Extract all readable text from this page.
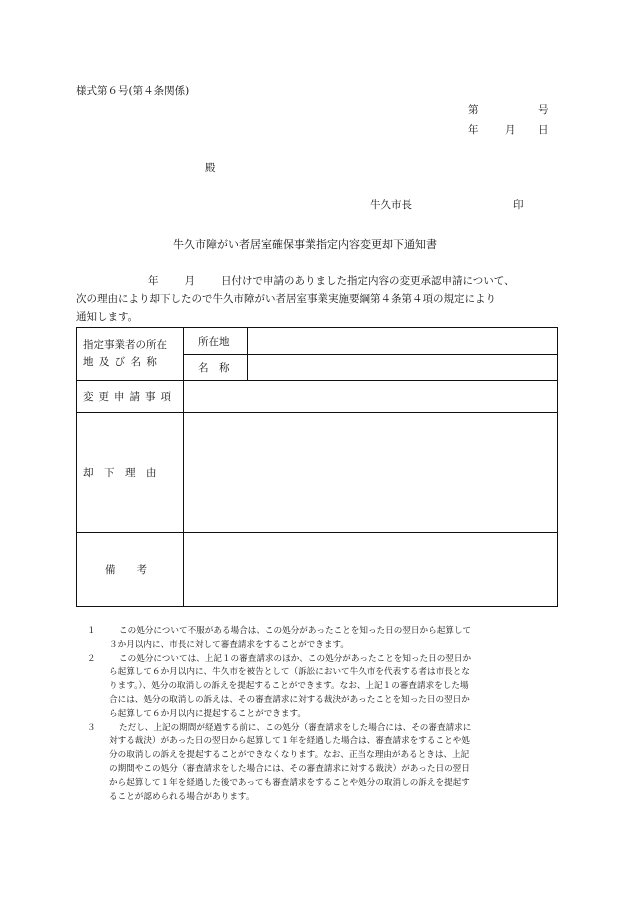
様式第６号(第４条関係)
第	号
年	月 日
殿
牛久市長	印
牛久市障がい者居室確保事業指定内容変更却下通知書
年 月 日付けで申請のありました指定内容の変更承認申請について、
次の理由により却下したので牛久市障がい者居室事業実施要綱第４条第４項の規定により
通知します。
指定事業者の所在
地 及 び 名 称	所在地	
	名　称	
変更申請事項		
却　下　理　由		
備　　考		
１	この処分について不服がある場合は、この処分があったことを知った日の翌日から起算して
３か月以内に、市長に対して審査請求をすることができます。
２	この処分については、上記１の審査請求のほか、この処分があったことを知った日の翌日か
ら起算して６か月以内に、牛久市を被告として（訴訟において牛久市を代表する者は市長とな
ります。）、処分の取消しの訴えを提起することができます。なお、上記１の審査請求をした場
合には、処分の取消しの訴えは、その審査請求に対する裁決があったことを知った日の翌日か
ら起算して６か月以内に提起することができます。
３	ただし、上記の期間が経過する前に、この処分（審査請求をした場合には、その審査請求に
対する裁決）があった日の翌日から起算して１年を経過した場合は、審査請求をすることや処
分の取消しの訴えを提起することができなくなります。なお、正当な理由があるときは、上記
の期間やこの処分（審査請求をした場合には、その審査請求に対する裁決）があった日の翌日
から起算して１年を経過した後であっても審査請求をすることや処分の取消しの訴えを提起す
ることが認められる場合があります。
